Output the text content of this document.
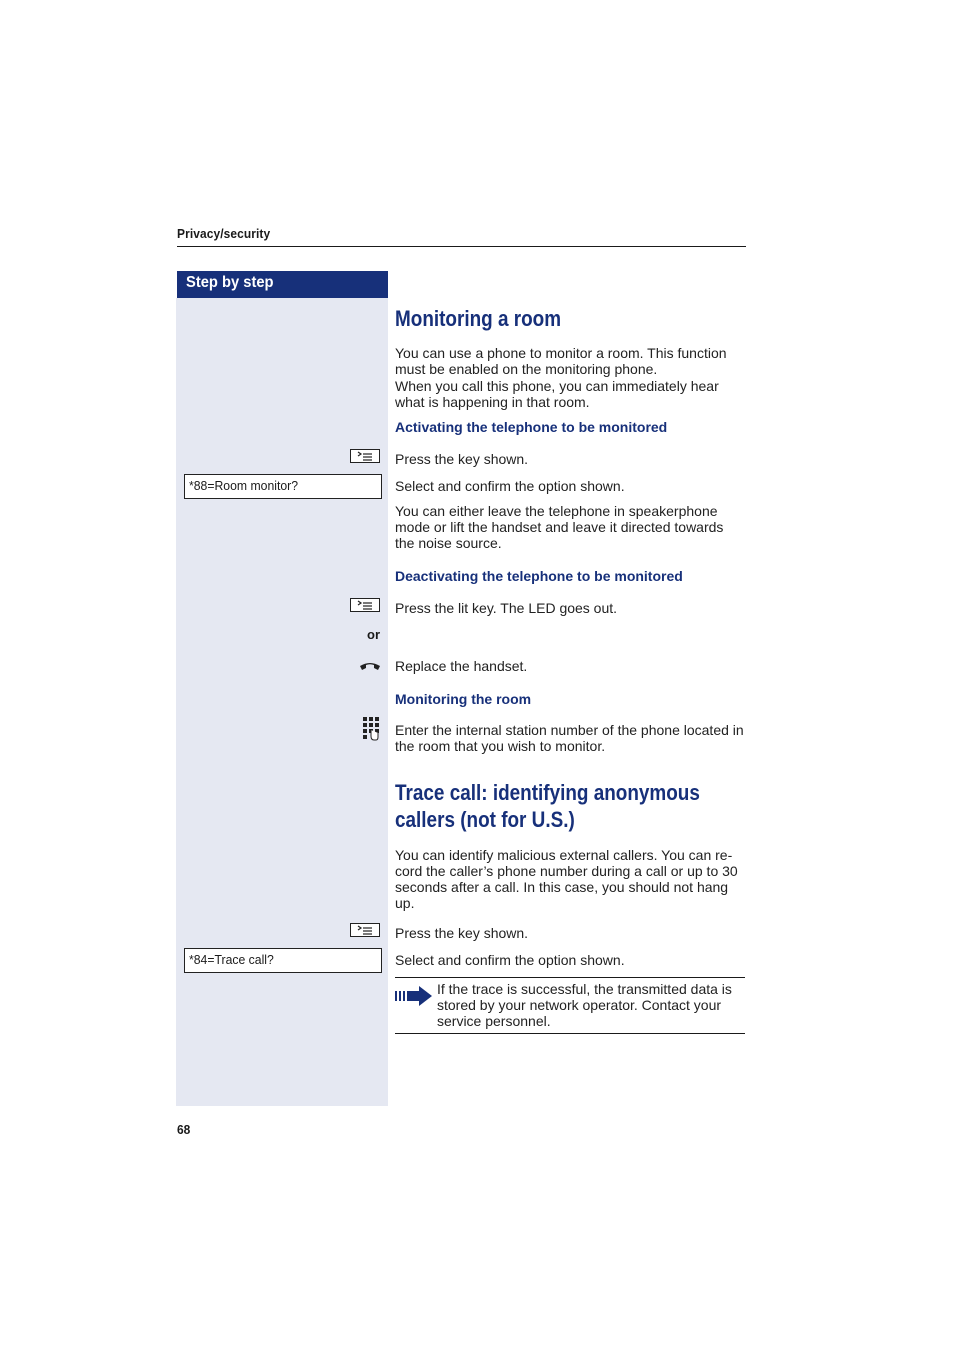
Privacy/security
Step by step
Monitoring a room
You can use a phone to monitor a room. This function must be enabled on the monitoring phone.
When you call this phone, you can immediately hear what is happening in that room.
Activating the telephone to be monitored
Press the key shown.
*88=Room monitor?	Select and confirm the option shown.
You can either leave the telephone in speakerphone mode or lift the handset and leave it directed towards the noise source.
Deactivating the telephone to be monitored
Press the lit key. The LED goes out.
or
Replace the handset.
Monitoring the room
Enter the internal station number of the phone located in the room that you wish to monitor.
Trace call: identifying anonymous
callers (not for U.S.)
You can identify malicious external callers. You can re-cord the caller’s phone number during a call or up to 30 seconds after a call. In this case, you should not hang up.
Press the key shown.
*84=Trace call?	Select and confirm the option shown.
If the trace is successful, the transmitted data is stored by your network operator. Contact your service personnel.
68
